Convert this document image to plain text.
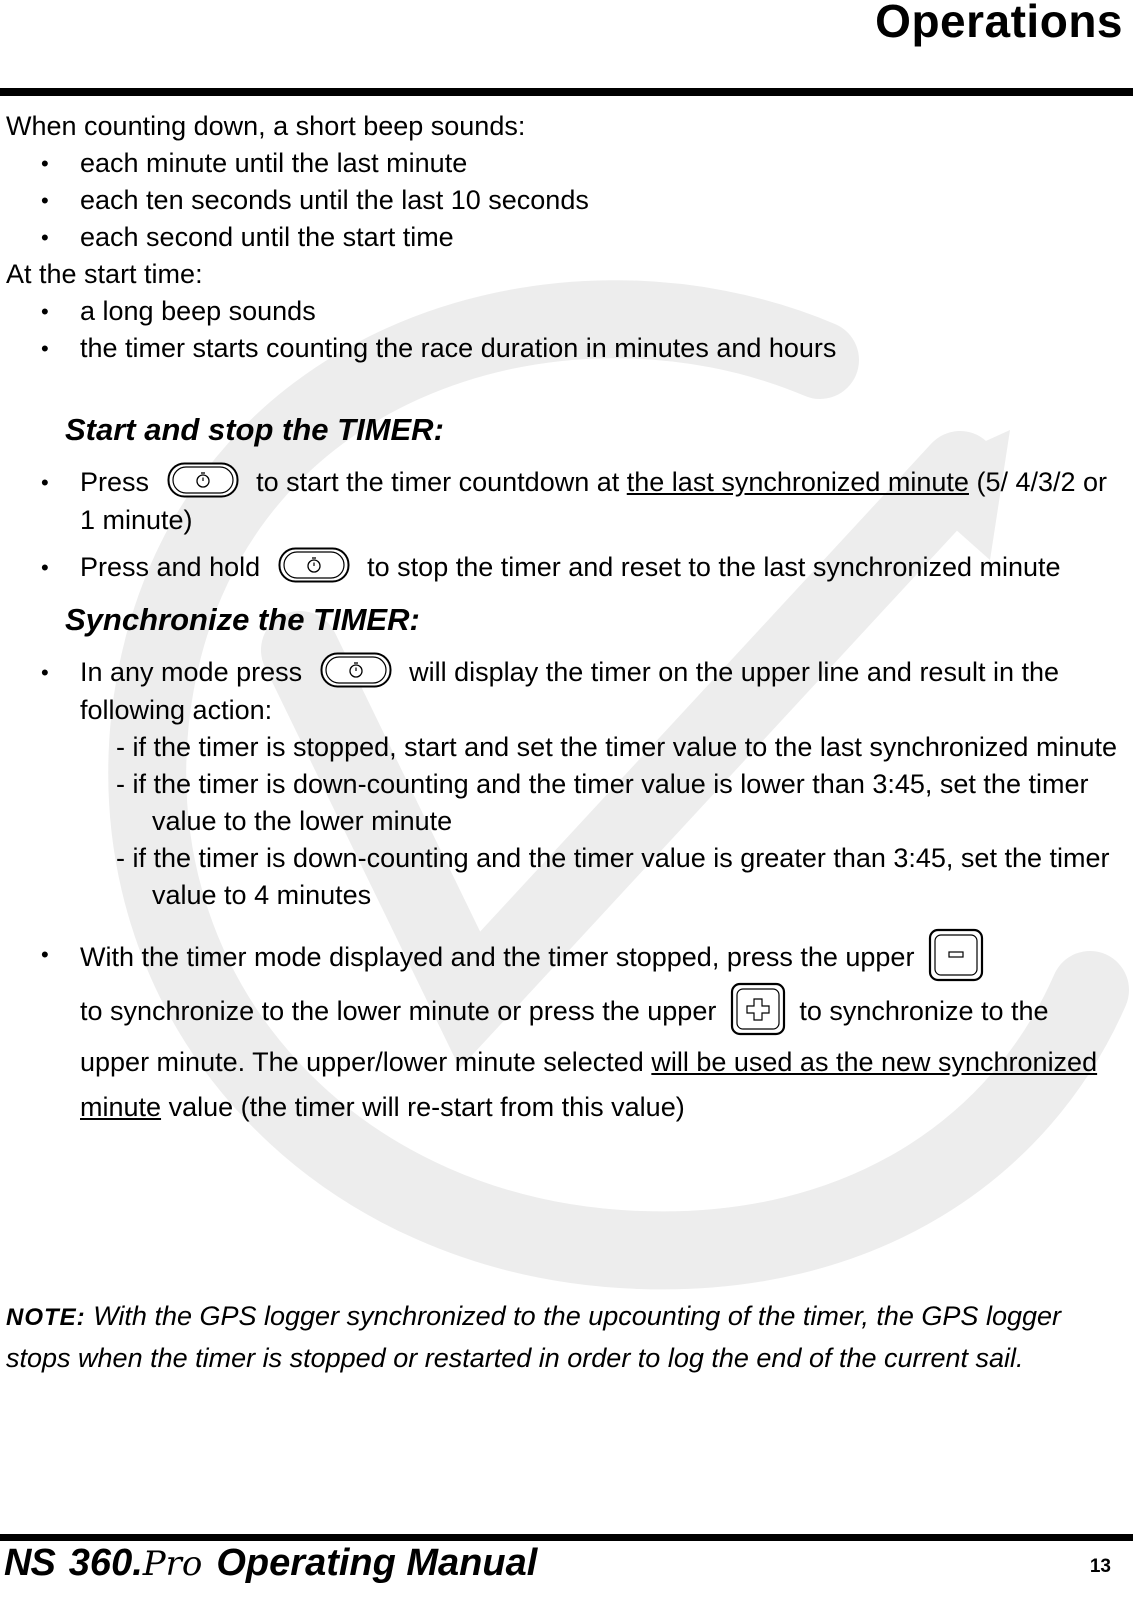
Operations

When counting down, a short beep sounds:

• each minute until the last minute
• each ten seconds until the last 10 seconds
• each second until the start time

At the start time:

• a long beep sounds
• the timer starts counting the race duration in minutes and hours
Start and stop the TIMER:
• Press	to start the timer countdown at the last synchronized minute (5/ 4/3/2 or 1 minute)
• Press and hold	to stop the timer and reset to the last synchronized minute
Synchronize the TIMER:
• In any mode press	will display the timer on the upper line and result in the following action:
- if the timer is stopped, start and set the timer value to the last synchronized minute
- if the timer is down-counting and the timer value is lower than 3:45, set the timer value to the lower minute
- if the timer is down-counting and the timer value is greater than 3:45, set the timer value to 4 minutes
• With the timer mode displayed and the timer stopped, press the upper
to synchronize to the lower minute or press the upper	to synchronize to the upper minute. The upper/lower minute selected will be used as the new synchronized minute value (the timer will re-start from this value)
NOTE: With the GPS logger synchronized to the upcounting of the timer, the GPS logger stops when the timer is stopped or restarted in order to log the end of the current sail.
NS 360.Pro Operating Manual	13
